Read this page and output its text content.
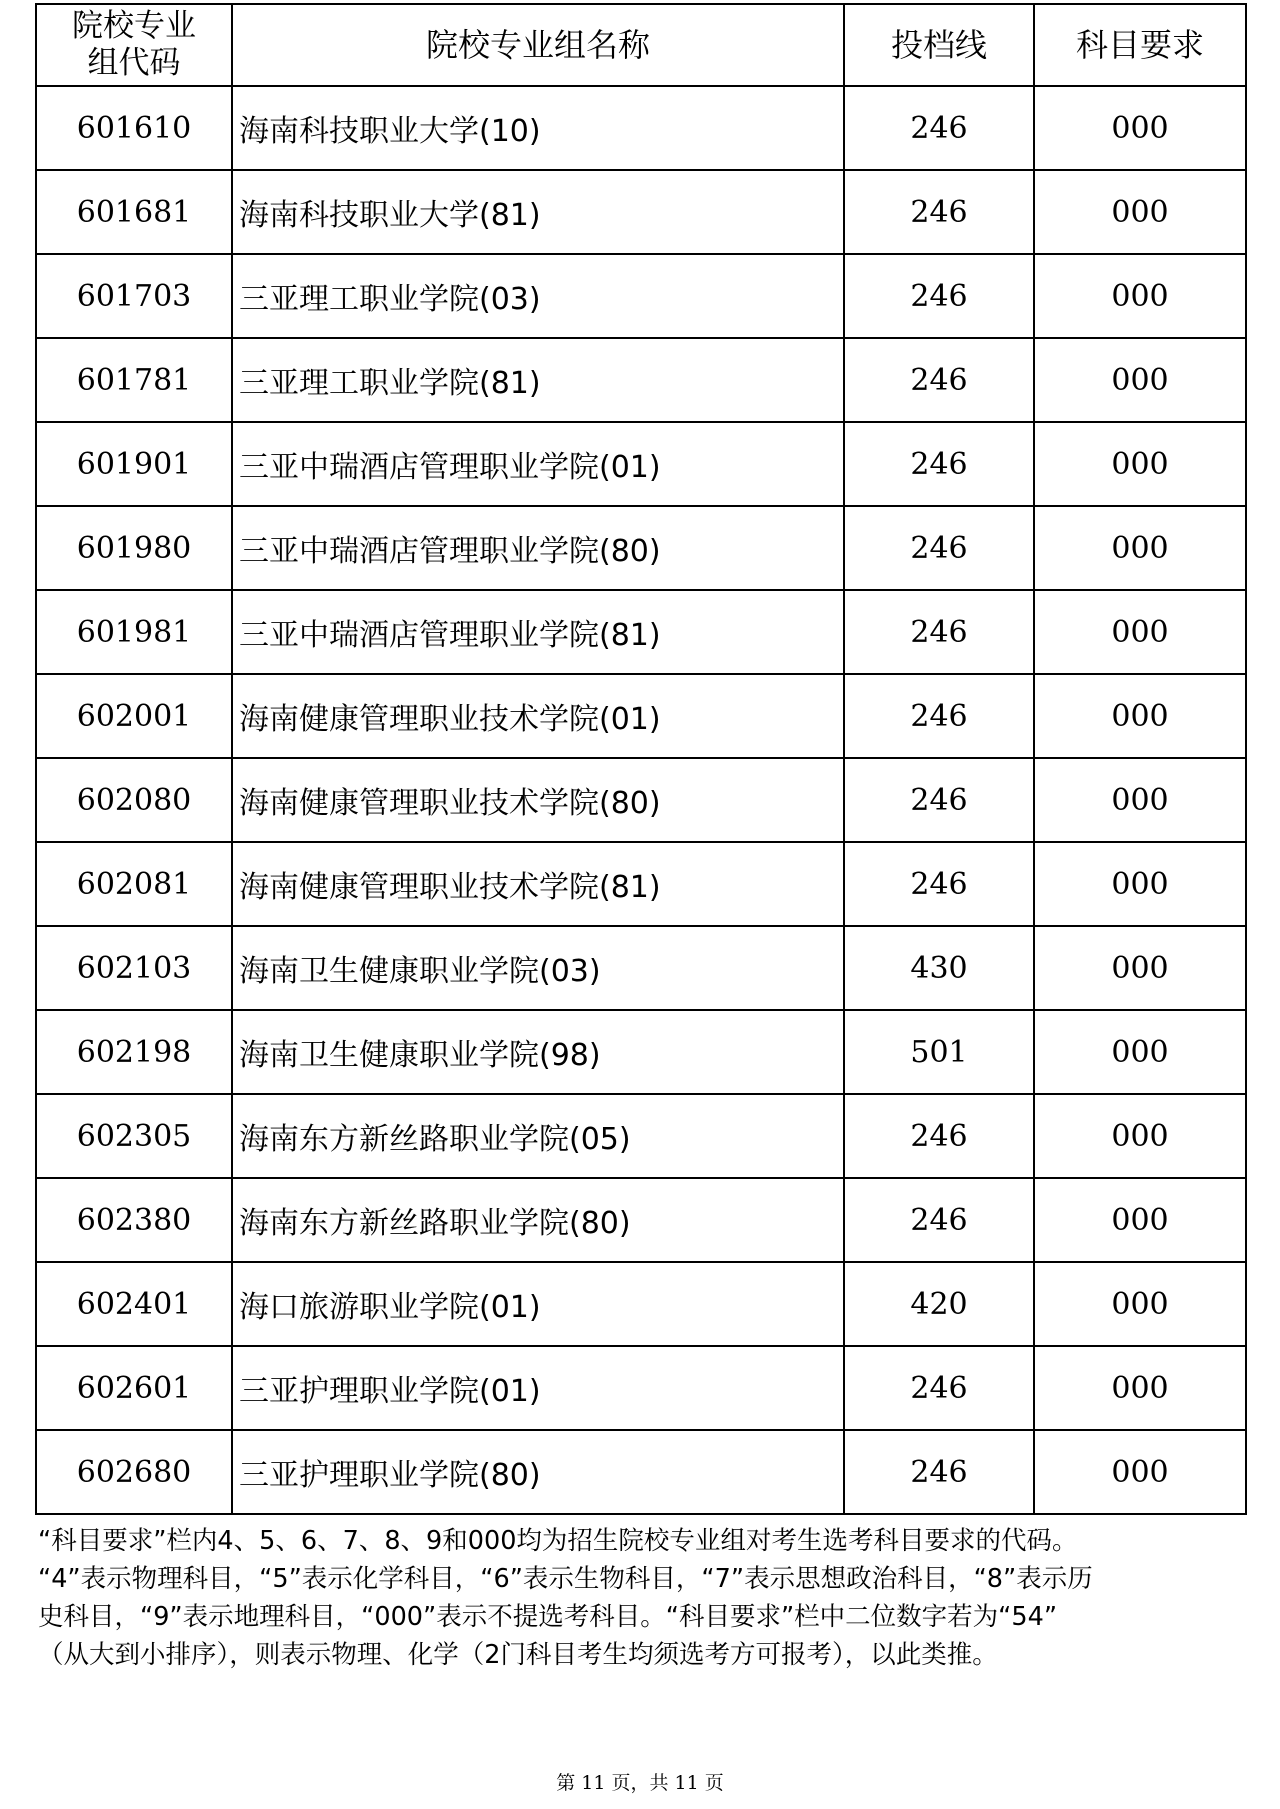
院校专业
组代码	院校专业组名称	投档线	科目要求
601610	海南科技职业大学(10)	246	000
601681	海南科技职业大学(81)	246	000
601703	三亚理工职业学院(03)	246	000
601781	三亚理工职业学院(81)	246	000
601901	三亚中瑞酒店管理职业学院(01)	246	000
601980	三亚中瑞酒店管理职业学院(80)	246	000
601981	三亚中瑞酒店管理职业学院(81)	246	000
602001	海南健康管理职业技术学院(01)	246	000
602080	海南健康管理职业技术学院(80)	246	000
602081	海南健康管理职业技术学院(81)	246	000
602103	海南卫生健康职业学院(03)	430	000
602198	海南卫生健康职业学院(98)	501	000
602305	海南东方新丝路职业学院(05)	246	000
602380	海南东方新丝路职业学院(80)	246	000
602401	海口旅游职业学院(01)	420	000
602601	三亚护理职业学院(01)	246	000
602680	三亚护理职业学院(80)	246	000

“科目要求”栏内4、5、6、7、8、9和000均为招生院校专业组对考生选考科目要求的代码。

“4”表示物理科目，“5”表示化学科目，“6”表示生物科目，“7”表示思想政治科目，“8”表示历

史科目，“9”表示地理科目，“000”表示不提选考科目。“科目要求”栏中二位数字若为“54”

（从大到小排序），则表示物理、化学（2门科目考生均须选考方可报考），以此类推。

第 11 页，共 11 页
